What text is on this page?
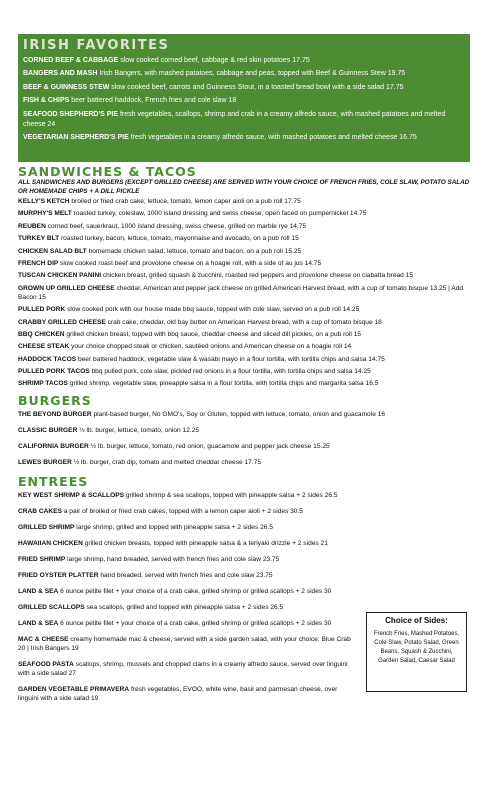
IRISH FAVORITES

CORNED BEEF & CABBAGE slow cooked corned beef, cabbage & red skin potatoes 17.75

BANGERS AND MASH Irish Bangers, with mashed patatoes, cabbage and peas, topped with Beef & Guinness Stew 19.75

BEEF & GUINNESS STEW slow cooked beef, carrots and Guinness Stout, in a toasted bread bowl with a side salad 17.75

FISH & CHIPS beer battered haddock, French fries and cole slaw 18

SEAFOOD SHEPHERD'S PIE fresh vegetables, scallops, shrimp and crab in a creamy alfredo sauce, with mashed patatoes and melted cheese 24

VEGETARIAN SHEPHERD'S PIE fresh vegetables in a creamy alfredo sauce, with mashed potatoes and melted cheese 16.75

SANDWICHES & TACOS

ALL SANDWICHES AND BURGERS (EXCEPT GRILLED CHEESE) ARE SERVED WITH YOUR CHOICE OF FRENCH FRIES, COLE SLAW, POTATO SALAD OR HOMEMADE CHIPS + A DILL PICKLE

KELLY'S KETCH broiled or fried crab cake, lettuce, tomato, lemon caper aioli on a pub roll 17.75

MURPHY'S MELT roasted turkey, coleslaw, 1000 island dressing and swiss cheese, open faced on pumpernickel 14.75

REUBEN corned beef, sauerkraut, 1000 island dressing, swiss cheese, grilled on marble rye 14.75

TURKEY BLT roasted turkey, bacon, lettuce, tomato, mayonnaise and avocado, on a pub roll 15

CHICKEN SALAD BLT homemade chicken salad, lettuce, tomato and bacon, on a pub roll 15.25

FRENCH DIP slow cooked roast beef and provolone cheese on a hoagie roll, with a side of au jus 14.75

TUSCAN CHICKEN PANINI chicken breast, grilled squash & zucchini, roasted red peppers and provolone cheese on ciabatta bread 15

GROWN UP GRILLED CHEESE cheddar, American and pepper jack cheese on grilled American Harvest bread, with a cup of tomato bisque 13.25 | Add Bacon 15

PULLED PORK slow cooked pork with our house made bbq sauce, topped with cole slaw, served on a pub roll 14.25

CRABBY GRILLED CHEESE crab cake, cheddar, old bay butter on American Harvest bread, with a cup of tomato bisque 18

BBQ CHICKEN grilled chicken breast, topped with bbq sauce, cheddar cheese and sliced dill pickles, on a pub roll 15

CHEESE STEAK your choice chopped steak or chicken, sautéed onions and American cheese on a hoagie roll 14

HADDOCK TACOS beer battered haddock, vegetable slaw & wasabi mayo in a flour tortilla, with tortilla chips and salsa 14.75

PULLED PORK TACOS bbq pulled pork, cole slaw, pickled red onions in a flour tortilla, with tortilla chips and salsa 14.25

SHRIMP TACOS grilled shrimp, vegetable slaw, pineapple salsa in a flour tortilla, with tortilla chips and margarita salsa 16.5

BURGERS

THE BEYOND BURGER plant-based burger, No GMO's, Soy or Gluten, topped with lettuce, tomato, onion and guacamole 16

CLASSIC BURGER ½ lb. burger, lettuce, tomato, onion 12.25

CALIFORNIA BURGER ½ lb. burger, lettuce, tomato, red onion, guacamole and pepper jack cheese 15.25

LEWES BURGER ½ lb. burger, crab dip, tomato and melted cheddar cheese 17.75

ENTREES

KEY WEST SHRIMP & SCALLOPS grilled shrimp & sea scallops, topped with pineapple salsa + 2 sides 26.5

CRAB CAKES a pair of broiled or fried crab cakes, topped with a lemon caper aioli + 2 sides 30.5

GRILLED SHRIMP large shrimp, grilled and topped with pineapple salsa + 2 sides 26.5

HAWAIIAN CHICKEN grilled chicken breasts, topped with pineapple salsa & a teriyaki drizzle + 2 sides 21

FRIED SHRIMP large shrimp, hand breaded, served with french fries and cole slaw 23.75

FRIED OYSTER PLATTER hand breaded, served with french fries and cole slaw 23.75

LAND & SEA 6 ounce petite filet + your choice of a crab cake, grilled shrimp or grilled scallops + 2 sides 30

GRILLED SCALLOPS sea scallops, grilled and topped with pineapple salsa + 2 sides 26.5

LAND & SEA 6 ounce petite filet + your choice of a crab cake, grilled shrimp or grilled scallops + 2 sides 30

MAC & CHEESE creamy homemade mac & cheese, served with a side garden salad, with your choice: Blue Crab 20 | Irish Bangers 19

SEAFOOD PASTA scallops, shrimp, mussels and chopped clams in a creamy alfredo sauce, served over linguini with a side salad 27

GARDEN VEGETABLE PRIMAVERA fresh vegetables, EVOO, white wine, basil and parmesan cheese, over linguini with a side salad 19

Choice of Sides:

French Fries, Mashed Potatoes, Cole Slaw, Potato Salad, Green Beans, Squash & Zucchini, Garden Salad, Caesar Salad
